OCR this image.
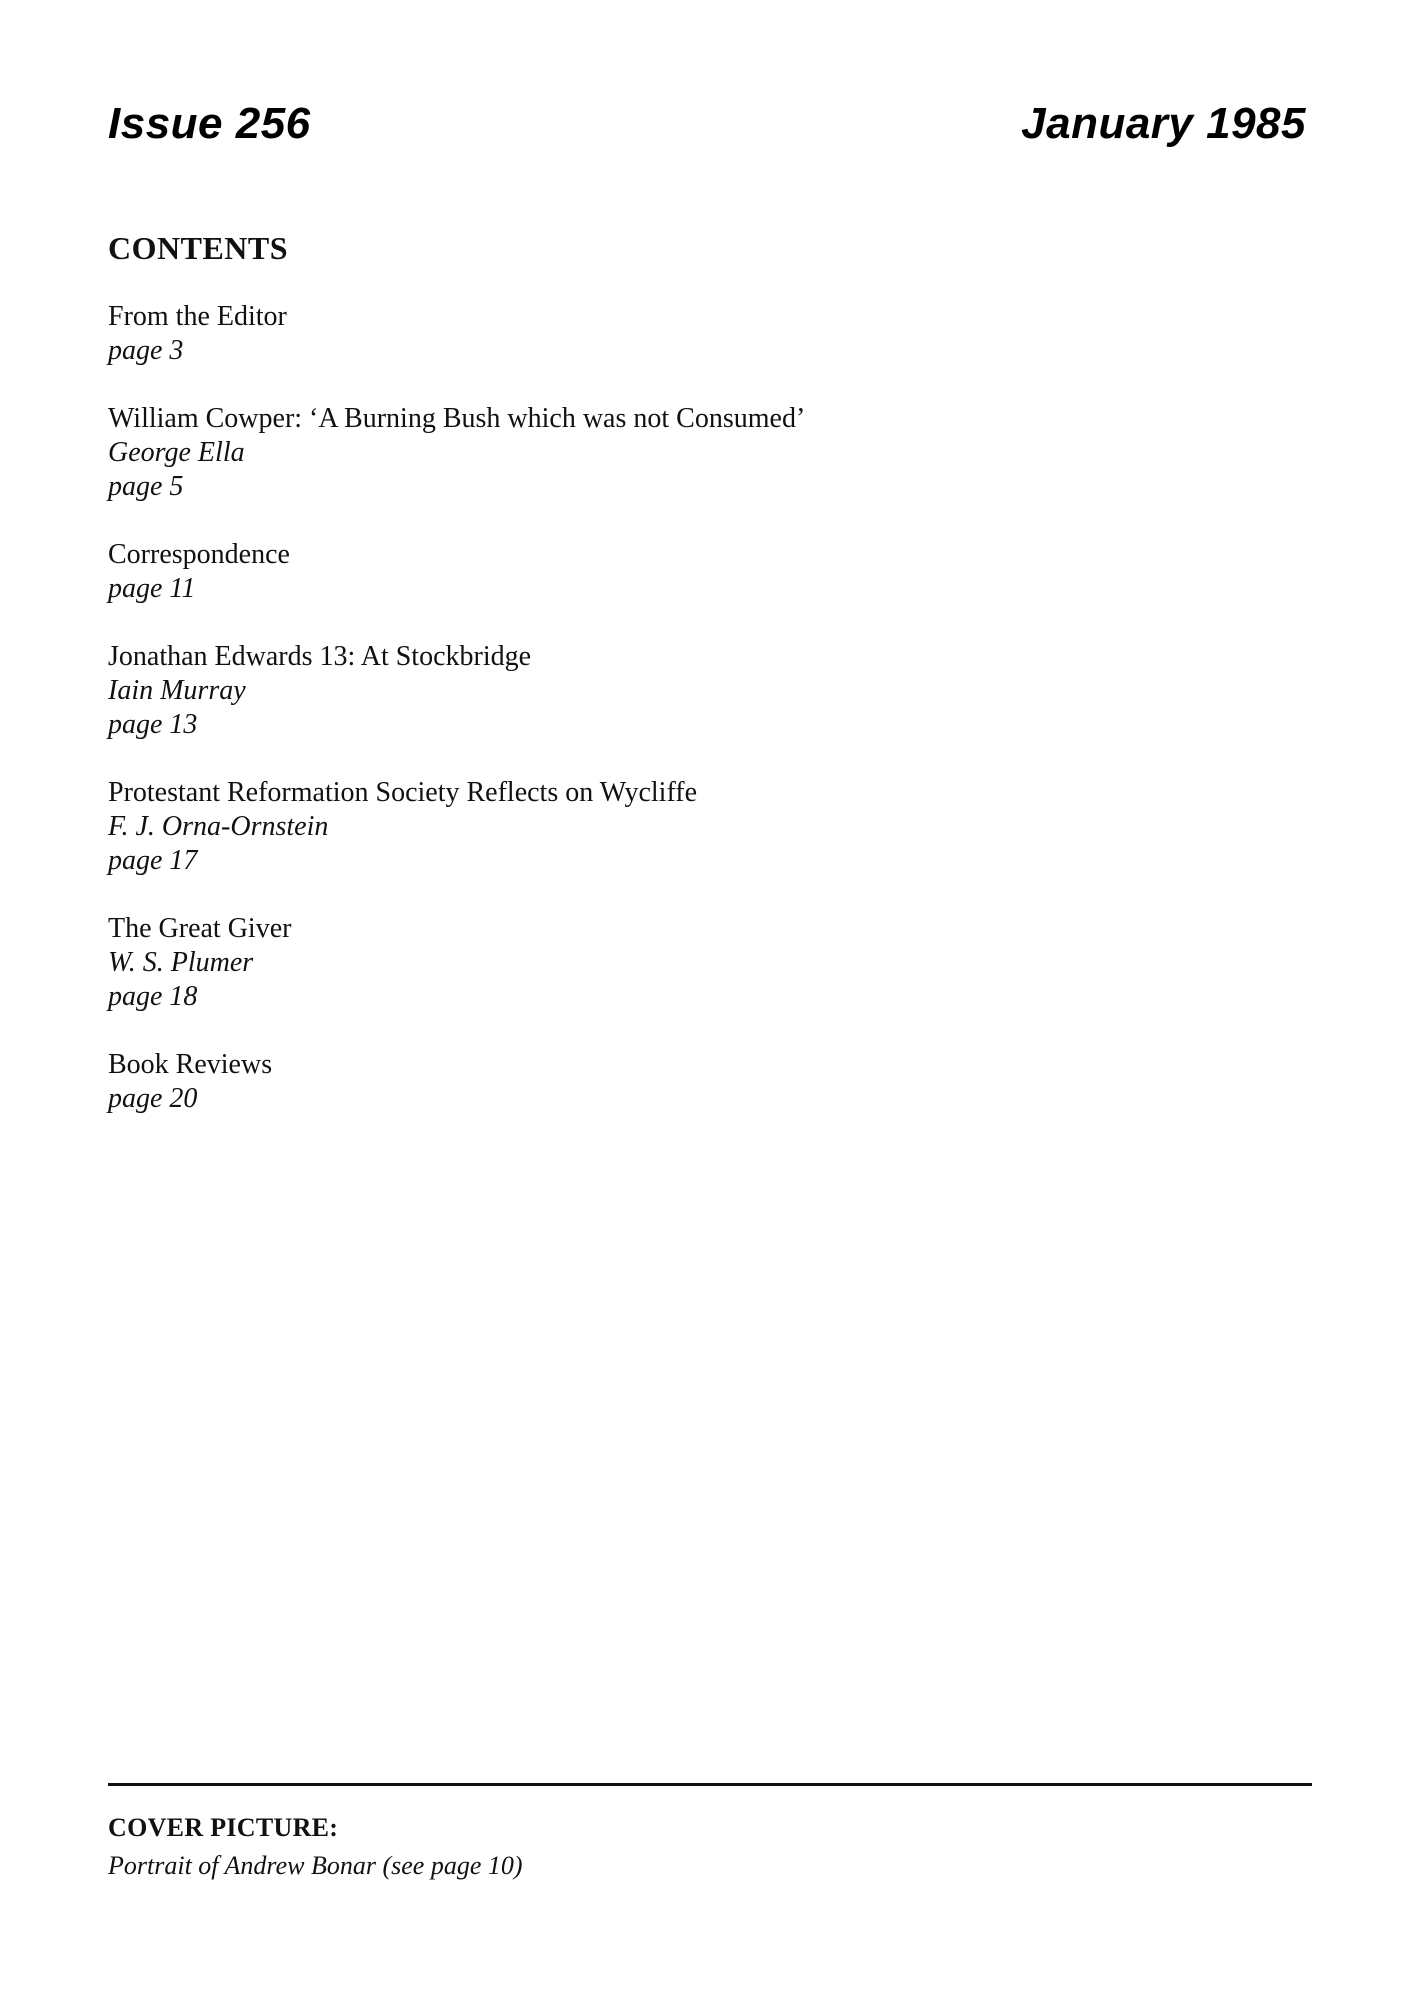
Issue 256	January 1985
CONTENTS
From the Editor
page 3
William Cowper: ‘A Burning Bush which was not Consumed’
George Ella
page 5
Correspondence
page 11
Jonathan Edwards 13: At Stockbridge
Iain Murray
page 13
Protestant Reformation Society Reflects on Wycliffe
F. J. Orna-Ornstein
page 17
The Great Giver
W. S. Plumer
page 18
Book Reviews
page 20
COVER PICTURE:
Portrait of Andrew Bonar (see page 10)
